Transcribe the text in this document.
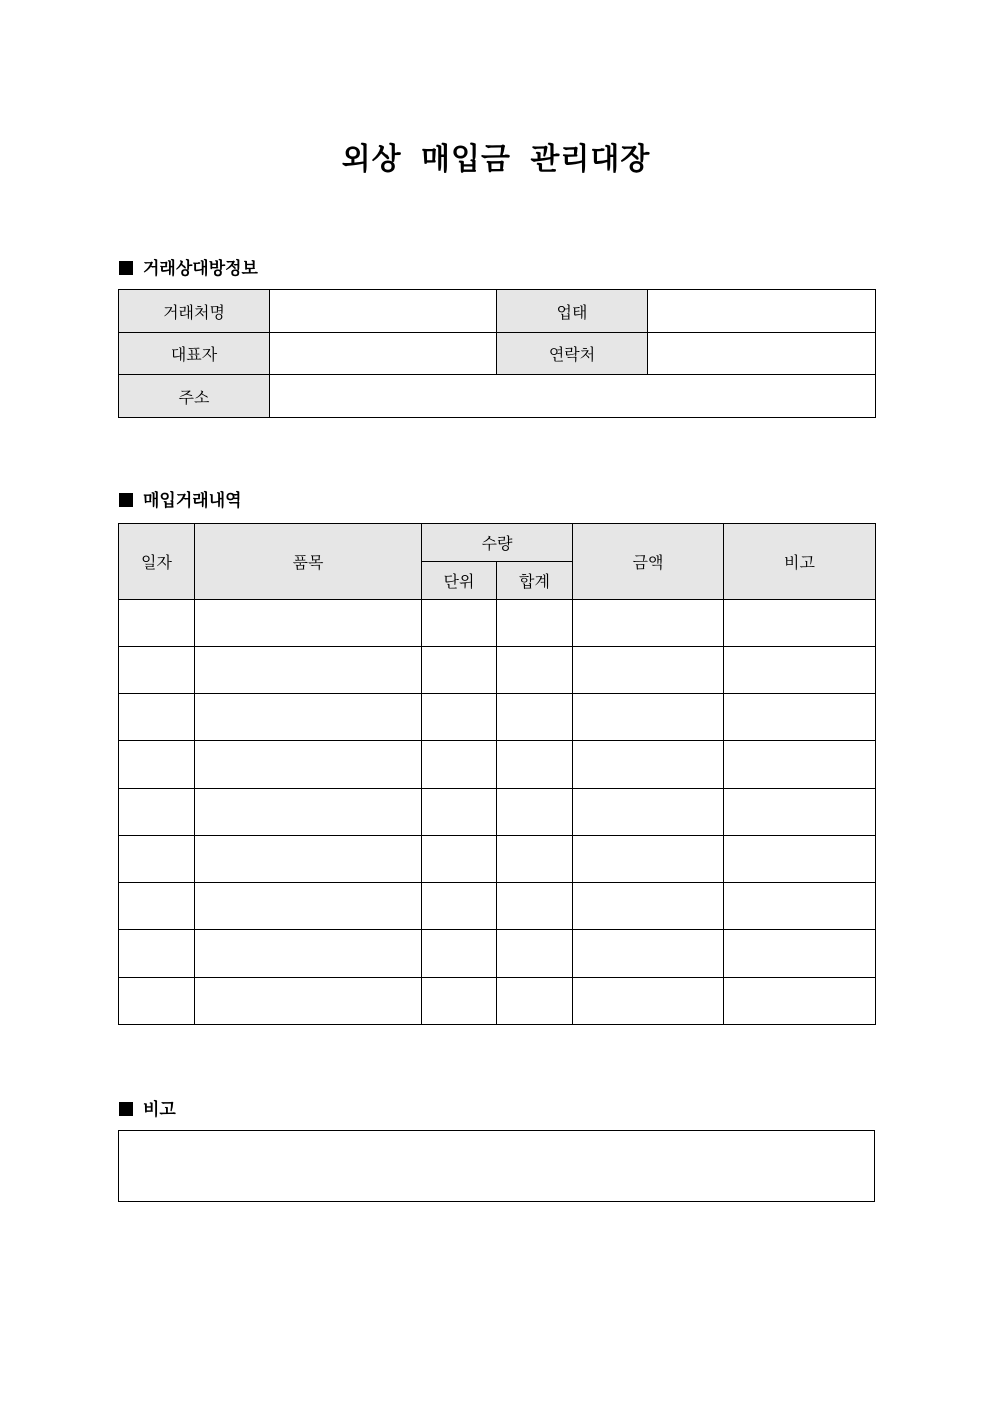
외상 매입금 관리대장
거래상대방정보
거래처명		업태	
대표자		연락처	
주소			
매입거래내역
일자	품목	수량		금액	비고
		단위	합계		

비고
